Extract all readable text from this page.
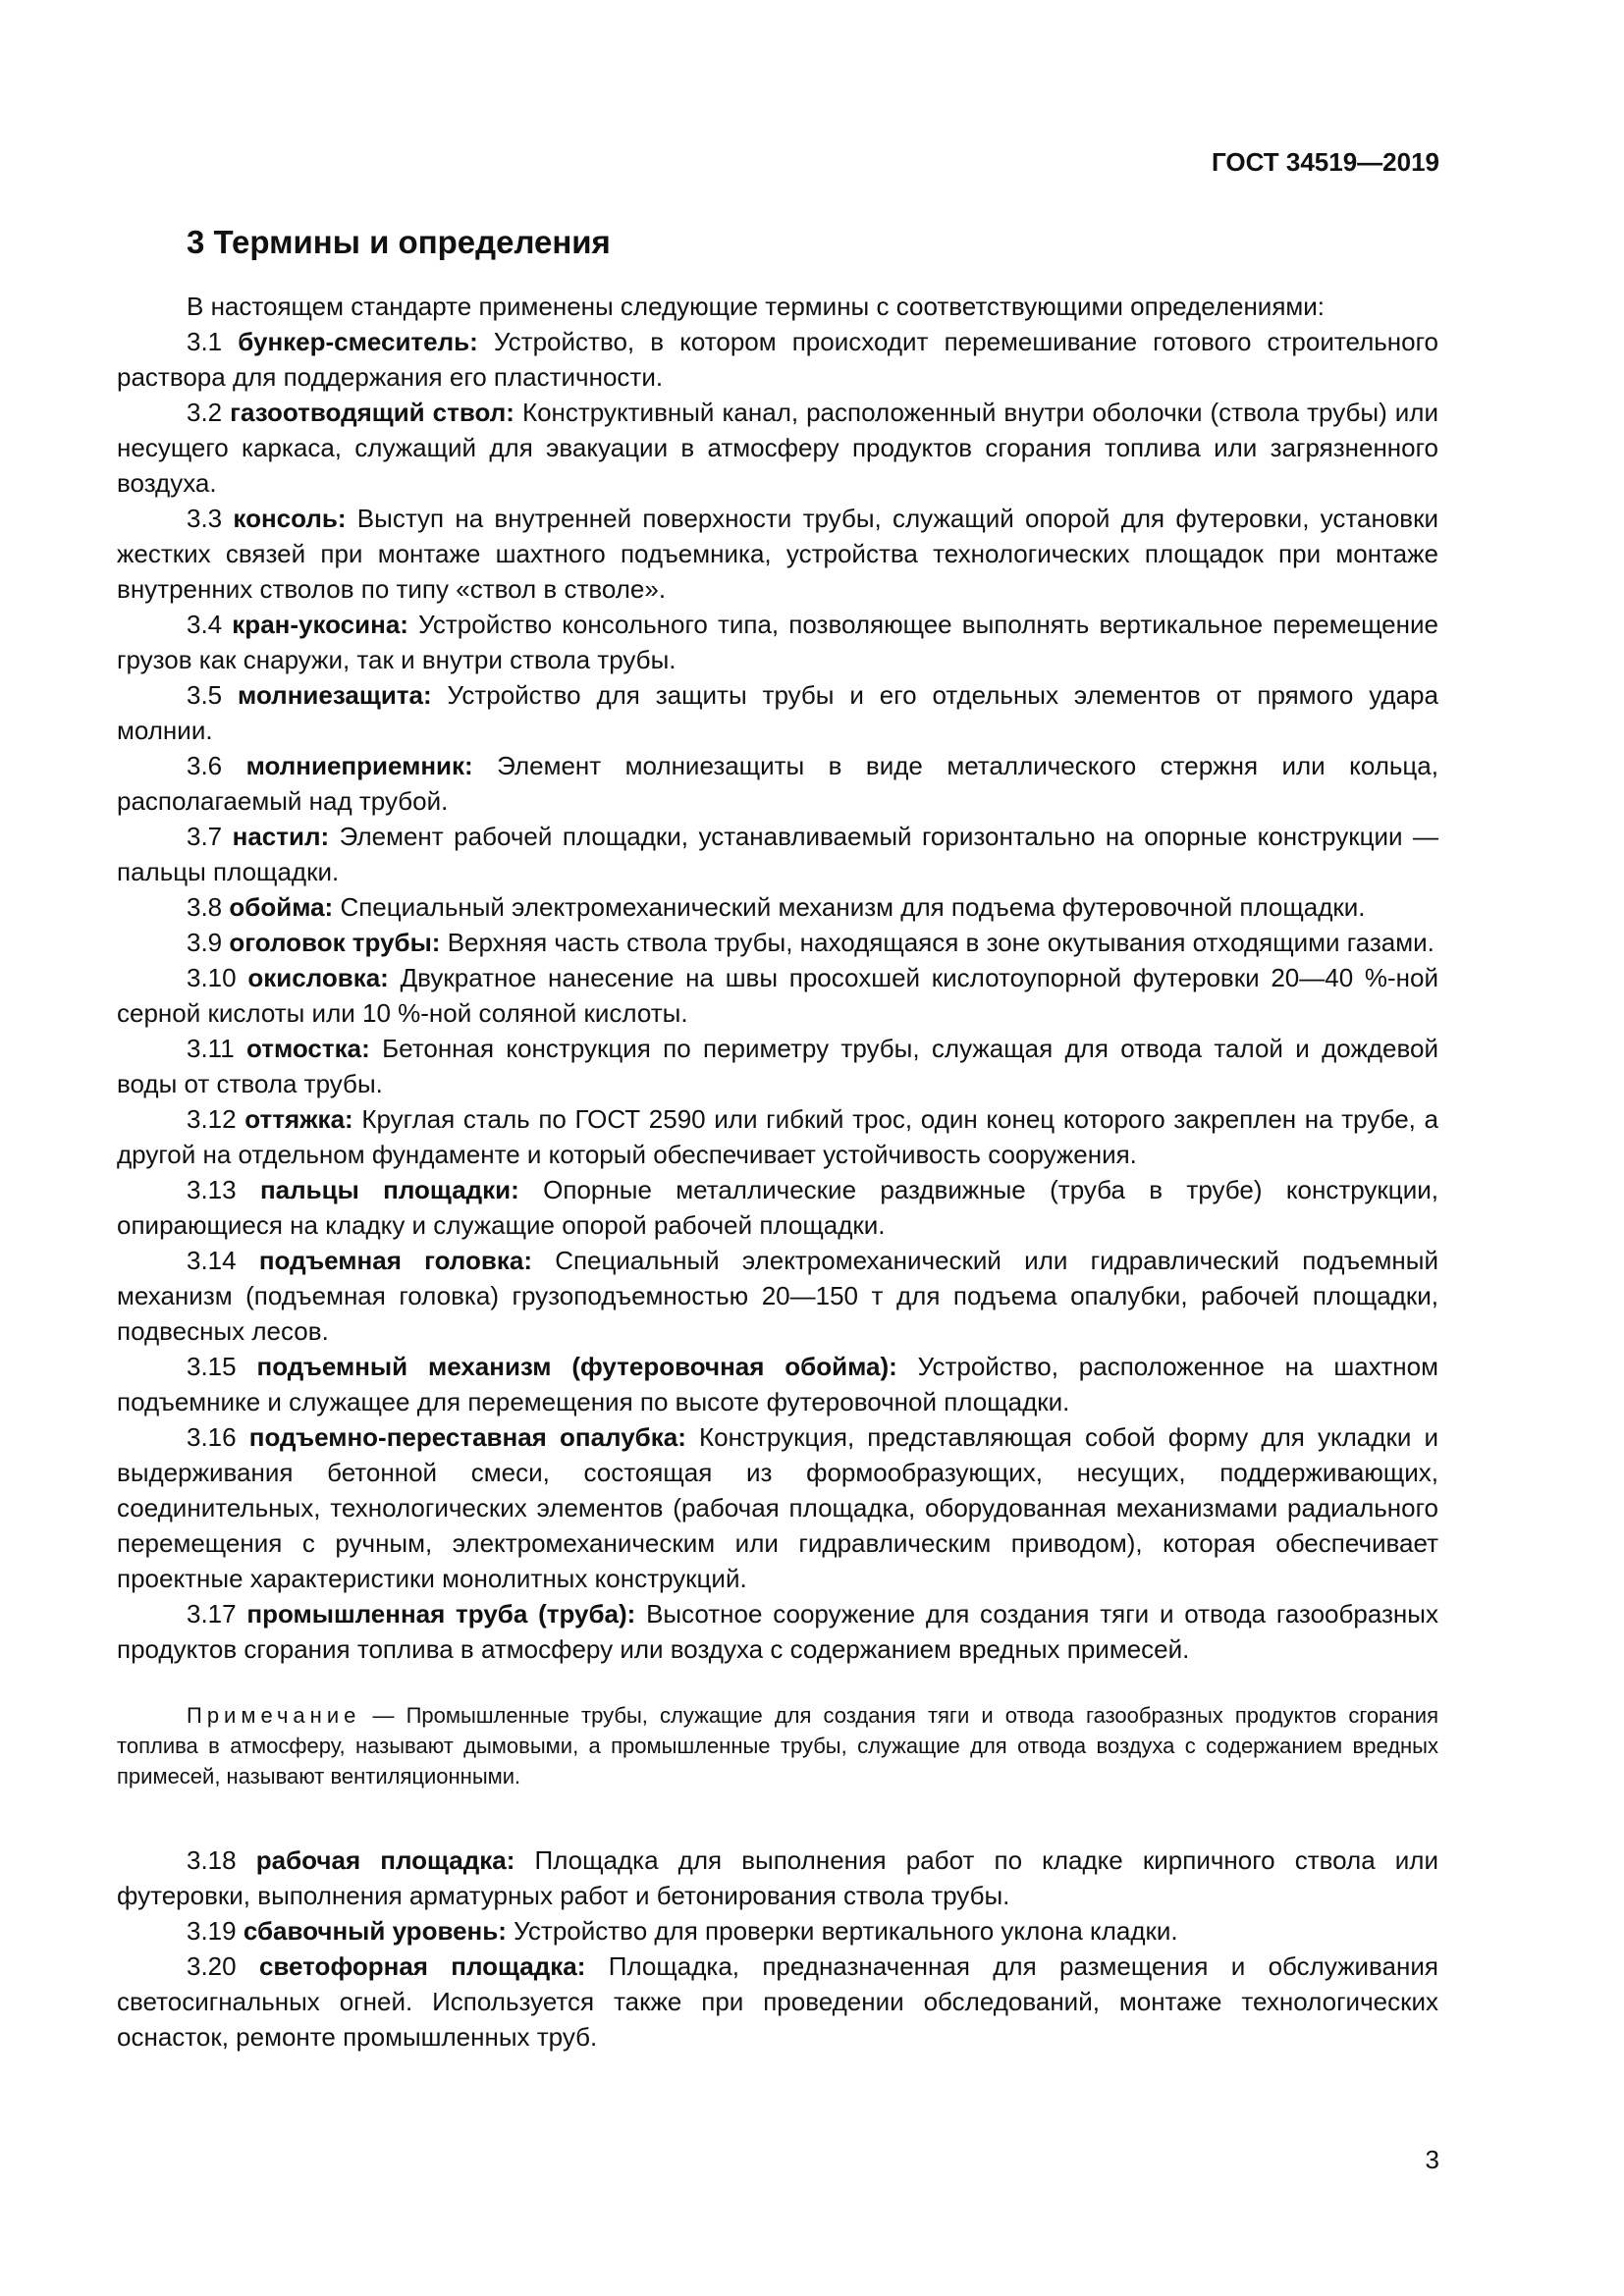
ГОСТ 34519—2019
3 Термины и определения

В настоящем стандарте применены следующие термины с соответствующими определениями:

3.1 бункер-смеситель: Устройство, в котором происходит перемешивание готового строительного раствора для поддержания его пластичности.

3.2 газоотводящий ствол: Конструктивный канал, расположенный внутри оболочки (ствола трубы) или несущего каркаса, служащий для эвакуации в атмосферу продуктов сгорания топлива или загрязненного воздуха.

3.3 консоль: Выступ на внутренней поверхности трубы, служащий опорой для футеровки, установки жестких связей при монтаже шахтного подъемника, устройства технологических площадок при монтаже внутренних стволов по типу «ствол в стволе».

3.4 кран-укосина: Устройство консольного типа, позволяющее выполнять вертикальное перемещение грузов как снаружи, так и внутри ствола трубы.

3.5 молниезащита: Устройство для защиты трубы и его отдельных элементов от прямого удара молнии.

3.6 молниеприемник: Элемент молниезащиты в виде металлического стержня или кольца, располагаемый над трубой.

3.7 настил: Элемент рабочей площадки, устанавливаемый горизонтально на опорные конструкции — пальцы площадки.

3.8 обойма: Специальный электромеханический механизм для подъема футеровочной площадки.

3.9 оголовок трубы: Верхняя часть ствола трубы, находящаяся в зоне окутывания отходящими газами.

3.10 окисловка: Двукратное нанесение на швы просохшей кислотоупорной футеровки 20—40 %-ной серной кислоты или 10 %-ной соляной кислоты.

3.11 отмостка: Бетонная конструкция по периметру трубы, служащая для отвода талой и дождевой воды от ствола трубы.

3.12 оттяжка: Круглая сталь по ГОСТ 2590 или гибкий трос, один конец которого закреплен на трубе, а другой на отдельном фундаменте и который обеспечивает устойчивость сооружения.

3.13 пальцы площадки: Опорные металлические раздвижные (труба в трубе) конструкции, опирающиеся на кладку и служащие опорой рабочей площадки.

3.14 подъемная головка: Специальный электромеханический или гидравлический подъемный механизм (подъемная головка) грузоподъемностью 20—150 т для подъема опалубки, рабочей площадки, подвесных лесов.

3.15 подъемный механизм (футеровочная обойма): Устройство, расположенное на шахтном подъемнике и служащее для перемещения по высоте футеровочной площадки.

3.16 подъемно-переставная опалубка: Конструкция, представляющая собой форму для укладки и выдерживания бетонной смеси, состоящая из формообразующих, несущих, поддерживающих, соединительных, технологических элементов (рабочая площадка, оборудованная механизмами радиального перемещения с ручным, электромеханическим или гидравлическим приводом), которая обеспечивает проектные характеристики монолитных конструкций.

3.17 промышленная труба (труба): Высотное сооружение для создания тяги и отвода газообразных продуктов сгорания топлива в атмосферу или воздуха с содержанием вредных примесей.

Примечание — Промышленные трубы, служащие для создания тяги и отвода газообразных продуктов сгорания топлива в атмосферу, называют дымовыми, а промышленные трубы, служащие для отвода воздуха с содержанием вредных примесей, называют вентиляционными.

3.18 рабочая площадка: Площадка для выполнения работ по кладке кирпичного ствола или футеровки, выполнения арматурных работ и бетонирования ствола трубы.

3.19 сбавочный уровень: Устройство для проверки вертикального уклона кладки.

3.20 светофорная площадка: Площадка, предназначенная для размещения и обслуживания светосигнальных огней. Используется также при проведении обследований, монтаже технологических оснасток, ремонте промышленных труб.

3
